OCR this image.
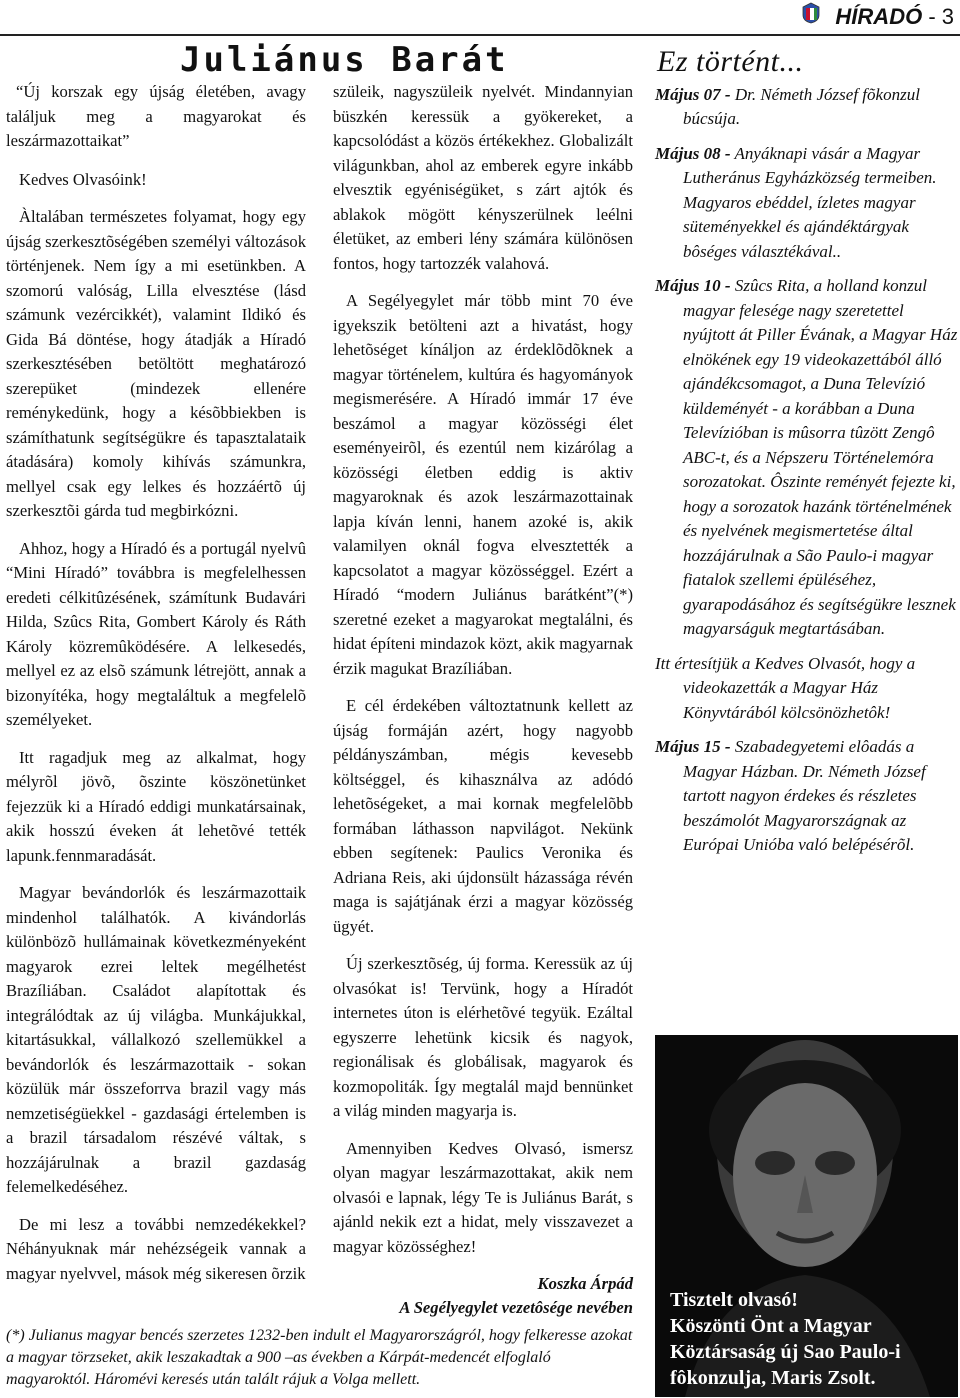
HÍRADÓ - 3
Juliánus Barát

“Új korszak egy újság életében, avagy találjuk meg a magyarokat és leszármazottaikat”

Kedves Olvasóink!

Àltalában természetes folyamat, hogy egy újság szerkesztõségében személyi változások történjenek. Nem így a mi esetünkben. A szomorú valóság, Lilla elvesztése (lásd számunk vezércikkét), valamint Ildikó és Gida Bá döntése, hogy átadják a Híradó szerkesztésében betöltött meghatározó szerepüket (mindezek ellenére reménykedünk, hogy a késõbbiekben is számíthatunk segítségükre és tapasztalataik átadására) komoly kihívás számunkra, mellyel csak egy lelkes és hozzáértõ új szerkesztõi gárda tud megbirkózni.

Ahhoz, hogy a Híradó és a portugál nyelvû “Mini Híradó” továbbra is megfelelhessen eredeti célkitûzésének, számítunk Budavári Hilda, Szûcs Rita, Gombert Károly és Ráth Károly közremûködésére. A lelkesedés, mellyel ez az elsõ számunk létrejött, annak a bizonyítéka, hogy megtaláltuk a megfelelõ személyeket.

Itt ragadjuk meg az alkalmat, hogy mélyrõl jövõ, õszinte köszönetünket fejezzük ki a Híradó eddigi munkatársainak, akik hosszú éveken át lehetõvé tették lapunk.fennmaradását.

Magyar bevándorlók és leszármazottaik mindenhol találhatók. A kivándorlás különbözõ hullámainak következményeként magyarok ezrei leltek megélhetést Brazíliában. Családot alapítottak és integrálódtak az új világba. Munkájukkal, kitartásukkal, vállalkozó szellemükkel a bevándorlók és leszármazottaik - sokan közülük már összeforrva brazil vagy más nemzetiségüekkel - gazdasági értelemben is a brazil társadalom részévé váltak, s hozzájárulnak a brazil gazdaság felemelkedéséhez.

De mi lesz a további nemzedékekkel? Néhányuknak már nehézségeik vannak a magyar nyelvvel, mások még sikeresen õrzik

szüleik, nagyszüleik nyelvét. Mindannyian büszkén keressük a gyökereket, a kapcsolódást a közös értékekhez. Globalizált világunkban, ahol az emberek egyre inkább elvesztik egyéniségüket, s zárt ajtók és ablakok mögött kényszerülnek leélni életüket, az emberi lény számára különösen fontos, hogy tartozzék valahová.

A Segélyegylet már több mint 70 éve igyekszik betölteni azt a hivatást, hogy lehetõséget kínáljon az érdeklõdõknek a magyar történelem, kultúra és hagyományok megismerésére. A Híradó immár 17 éve beszámol a magyar közösségi élet eseményeirõl, és ezentúl nem kizárólag a közösségi életben eddig is aktiv magyaroknak és azok leszármazottainak lapja kíván lenni, hanem azoké is, akik valamilyen oknál fogva elvesztették a kapcsolatot a magyar közösséggel. Ezért a Híradó “modern Juliánus barátként”(*) szeretné ezeket a magyarokat megtalálni, és hidat építeni mindazok közt, akik magyarnak érzik magukat Brazíliában.

E cél érdekében változtatnunk kellett az újság formáján azért, hogy nagyobb példányszámban, mégis kevesebb költséggel, és kihasználva az adódó lehetõségeket, a mai kornak megfelelõbb formában láthasson napvilágot. Nekünk ebben segítenek: Paulics Veronika és Adriana Reis, aki újdonsült házassága révén maga is sajátjának érzi a magyar közösség ügyét.

Új szerkesztõség, új forma. Keressük az új olvasókat is! Tervünk, hogy a Híradót internetes úton is elérhetõvé tegyük. Ezáltal egyszerre lehetünk kicsik és nagyok, regionálisak és globálisak, magyarok és kozmopoliták. Így megtalál majd bennünket a világ minden magyarja is.

Amennyiben Kedves Olvasó, ismersz olyan magyar leszármazottakat, akik nem olvasói e lapnak, légy Te is Juliánus Barát, s ajánld nekik ezt a hidat, mely visszavezet a magyar közösséghez!

Koszka Árpád
A Segélyegylet vezetôsége nevében
Ez történt...
Május 07 - Dr. Németh József fõkonzul búcsúja.
Május 08 - Anyáknapi vásár a Magyar Lutheránus Egyházközség termeiben. Magyaros ebéddel, ízletes magyar süteményekkel és ajándéktárgyak bôséges választékával..
Május 10 - Szûcs Rita, a holland konzul magyar felesége nagy szeretettel nyújtott át Piller Évának, a Magyar Ház elnökének egy 19 videokazettából álló ajándékcsomagot, a Duna Televízió küldeményét - a korábban a Duna Televízióban is mûsorra tûzött Zengô ABC-t, és a Népszeru Történelemóra sorozatokat. Ôszinte reményét fejezte ki, hogy a sorozatok hazánk történelmének és nyelvének megismertetése által hozzájárulnak a São Paulo-i magyar fiatalok szellemi épüléséhez, gyarapodásához és segítségükre lesznek magyarságuk megtartásában.
Itt értesítjük a Kedves Olvasót, hogy a videokazetták a Magyar Ház Könyvtárából kölcsönözhetôk!
Május 15 - Szabadegyetemi elôadás a Magyar Házban. Dr. Németh József tartott nagyon érdekes és részletes beszámolót Magyarországnak az Európai Unióba való belépésérõl.
Tisztelt olvasó!
Köszönti Önt a Magyar
Köztársaság új Sao Paulo-i
fôkonzulja, Maris Zsolt.
(*) Julianus magyar bencés szerzetes 1232-ben indult el Magyarországról, hogy felkeresse azokat a magyar törzseket, akik leszakadtak a 900 –as években a Kárpát-medencét elfoglaló magyaroktól. Háromévi keresés után talált rájuk a Volga mellett.
